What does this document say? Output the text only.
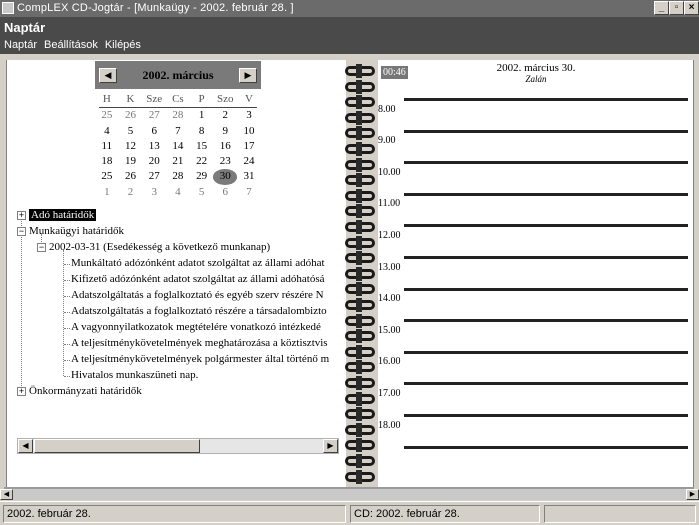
CompLEX CD-Jogtár - [Munkaügy - 2002. február 28. ]	_	▫	×
Naptár
Naptár Beállítások Kilépés
◀	2002. március	▶
H	K	Sze Cs	P	Szo	V
25	26	27	28	1	2	3
4	5	6	7	8	9	10
11	12	13	14	15	16	17
18	19	20	21	22	23	24
25	26	27	28	29	30	31
1	2	3	4	5	6	7
+ Adó határidők
− Munkaügyi határidők
− 2002-03-31 (Esedékesség a következő munkanap)
Munkáltató adózónként adatot szolgáltat az állami adóhat
Kifizető adózónként adatot szolgáltat az állami adóhatósá
Adatszolgáltatás a foglalkoztató és egyéb szerv részére N
Adatszolgáltatás a foglalkoztató részére a társadalombizto
A vagyonnyilatkozatok megtételére vonatkozó intézkedé
A teljesítménykövetelmények meghatározása a köztisztvis
A teljesítménykövetelmények polgármester által történő m
Hivatalos munkaszüneti nap.
+ Önkormányzati határidők
◀	▶
00:46	2002. március 30.
Zalán
8.00
9.00
10.00
11.00
12.00
13.00
14.00
15.00
16.00
17.00
18.00
◀	▶
2002. február 28.	CD: 2002. február 28.
